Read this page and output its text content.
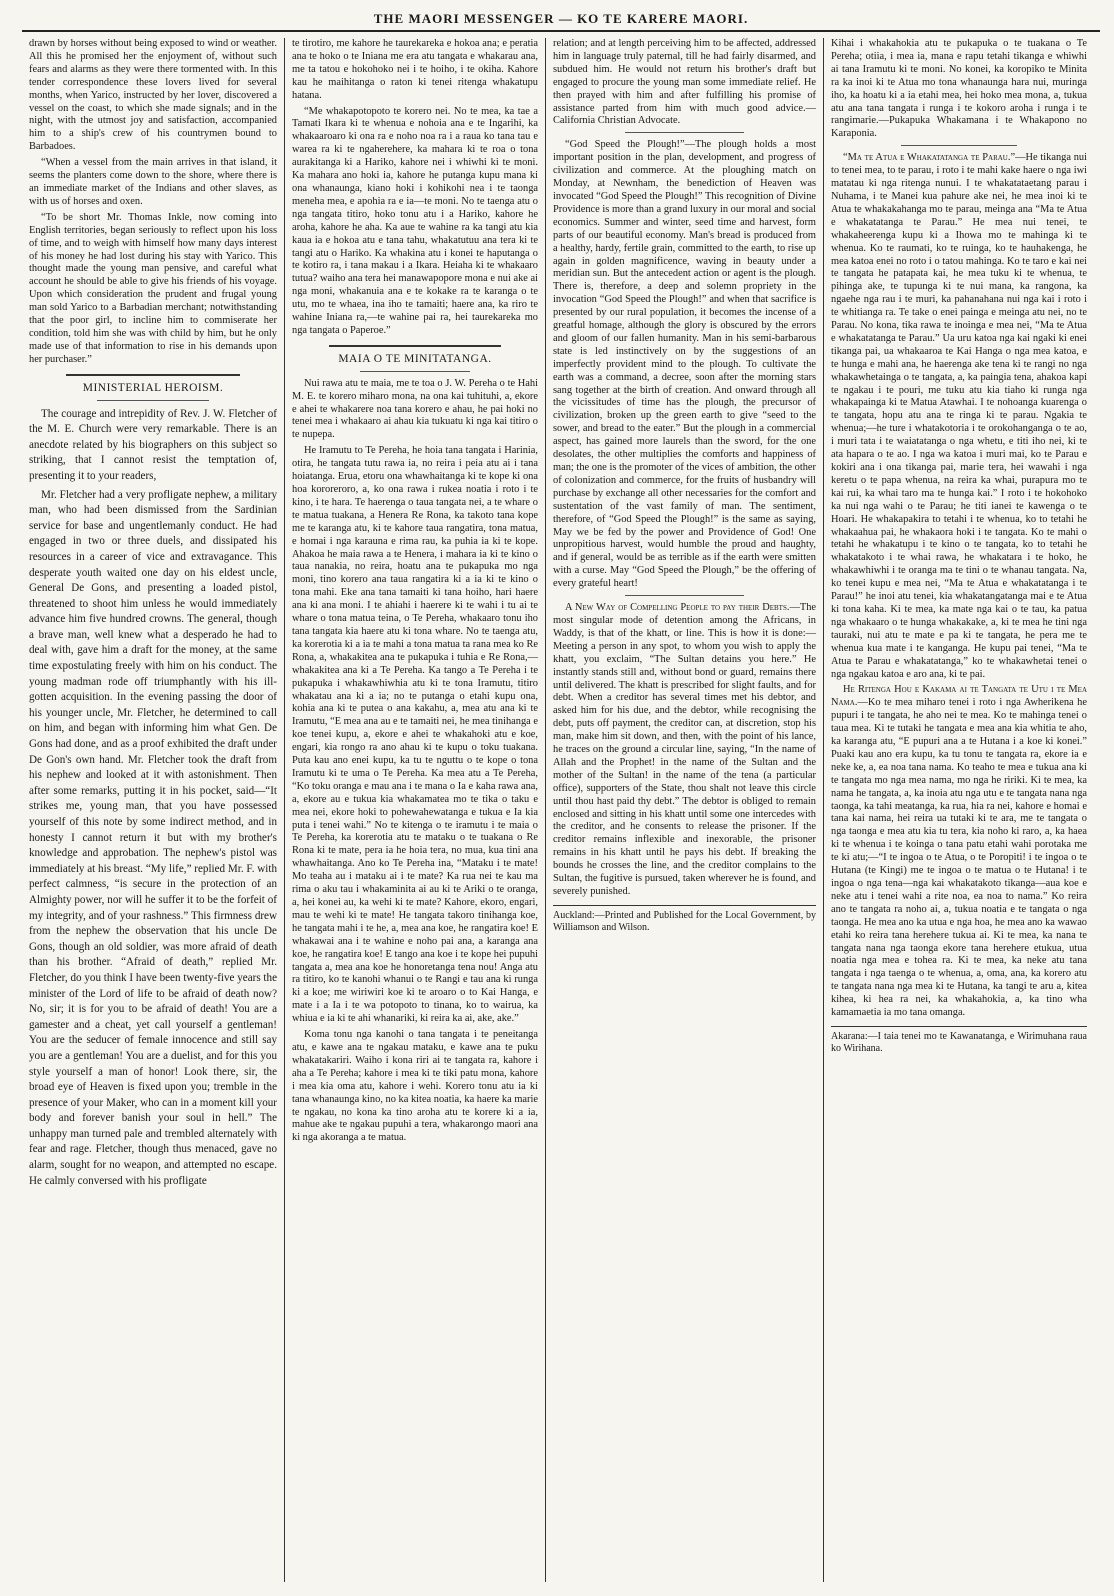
THE MAORI MESSENGER — KO TE KARERE MAORI.

drawn by horses without being exposed to wind or weather. All this he promised her the enjoyment of, without such fears and alarms as they were there tormented with. In this tender correspondence these lovers lived for several months, when Yarico, instructed by her lover, discovered a vessel on the coast, to which she made signals; and in the night, with the utmost joy and satisfaction, accompanied him to a ship's crew of his countrymen bound to Barbadoes.

“When a vessel from the main arrives in that island, it seems the planters come down to the shore, where there is an immediate market of the Indians and other slaves, as with us of horses and oxen.

“To be short Mr. Thomas Inkle, now coming into English territories, began seriously to reflect upon his loss of time, and to weigh with himself how many days interest of his money he had lost during his stay with Yarico. This thought made the young man pensive, and careful what account he should be able to give his friends of his voyage. Upon which consideration the prudent and frugal young man sold Yarico to a Barbadian merchant; notwithstanding that the poor girl, to incline him to commiserate her condition, told him she was with child by him, but he only made use of that information to rise in his demands upon her purchaser.”

MINISTERIAL HEROISM.

The courage and intrepidity of Rev. J. W. Fletcher of the M. E. Church were very remarkable. There is an anecdote related by his biographers on this subject so striking, that I cannot resist the temptation of, presenting it to your readers,

Mr. Fletcher had a very profligate nephew, a military man, who had been dismissed from the Sardinian service for base and ungentlemanly conduct. He had engaged in two or three duels, and dissipated his resources in a career of vice and extravagance. This desperate youth waited one day on his eldest uncle, General De Gons, and presenting a loaded pistol, threatened to shoot him unless he would immediately advance him five hundred crowns. The general, though a brave man, well knew what a desperado he had to deal with, gave him a draft for the money, at the same time expostulating freely with him on his conduct. The young madman rode off triumphantly with his ill-gotten acquisition. In the evening passing the door of his younger uncle, Mr. Fletcher, he determined to call on him, and began with informing him what Gen. De Gons had done, and as a proof exhibited the draft under De Gon's own hand. Mr. Fletcher took the draft from his nephew and looked at it with astonishment. Then after some remarks, putting it in his pocket, said—“It strikes me, young man, that you have possessed yourself of this note by some indirect method, and in honesty I cannot return it but with my brother's knowledge and approbation. The nephew's pistol was immediately at his breast. “My life,” replied Mr. F. with perfect calmness, “is secure in the protection of an Almighty power, nor will he suffer it to be the forfeit of my integrity, and of your rashness.” This firmness drew from the nephew the observation that his uncle De Gons, though an old soldier, was more afraid of death than his brother. “Afraid of death,” replied Mr. Fletcher, do you think I have been twenty-five years the minister of the Lord of life to be afraid of death now? No, sir; it is for you to be afraid of death! You are a gamester and a cheat, yet call yourself a gentleman! You are the seducer of female innocence and still say you are a gentleman! You are a duelist, and for this you style yourself a man of honor! Look there, sir, the broad eye of Heaven is fixed upon you; tremble in the presence of your Maker, who can in a moment kill your body and forever banish your soul in hell.” The unhappy man turned pale and trembled alternately with fear and rage. Fletcher, though thus menaced, gave no alarm, sought for no weapon, and attempted no escape. He calmly conversed with his profligate

te tirotiro, me kahore he taurekareka e hokoa ana; e peratia ana te hoko o te Iniana me era atu tangata e whakarau ana, me ta tatou e hokohoko nei i te hoiho, i te okiha. Kahore kau he maihitanga o raton ki tenei ritenga whakatupu hatana.

“Me whakapotopoto te korero nei. No te mea, ka tae a Tamati Ikara ki te whenua e nohoia ana e te Ingarihi, ka whakaaroaro ki ona ra e noho noa ra i a raua ko tana tau e warea ra ki te ngaherehere, ka mahara ki te roa o tona aurakitanga ki a Hariko, kahore nei i whiwhi ki te moni. Ka mahara ano hoki ia, kahore he putanga kupu mana ki ona whanaunga, kiano hoki i kohikohi nea i te taonga meneha mea, e apohia ra e ia—te moni. No te taenga atu o nga tangata titiro, hoko tonu atu i a Hariko, kahore he aroha, kahore he aha. Ka aue te wahine ra ka tangi atu kia kaua ia e hokoa atu e tana tahu, whakatutuu ana tera ki te tangi atu o Hariko. Ka whakina atu i konei te haputanga o te kotiro ra, i tana makau i a Ikara. Heiaha ki te whakaaro tutua? waiho ana tera hei manawapopore mona e nui ake ai nga moni, whakanuia ana e te kokake ra te karanga o te utu, mo te whaea, ina iho te tamaiti; haere ana, ka riro te wahine Iniana ra,—te wahine pai ra, hei taurekareka mo nga tangata o Paperoe.”

MAIA O TE MINITATANGA.

Nui rawa atu te maia, me te toa o J. W. Pereha o te Hahi M. E. te korero miharo mona, na ona kai tuhituhi, a, ekore e ahei te whakarere noa tana korero e ahau, he pai hoki no tenei mea i whakaaro ai ahau kia tukuatu ki nga kai titiro o te nupepa.

He Iramutu to Te Pereha, he hoia tana tangata i Harinia, otira, he tangata tutu rawa ia, no reira i peia atu ai i tana hoiatanga. Erua, etoru ona whawhaitanga ki te kope ki ona hoa kororeroro, a, ko ona rawa i rukea noatia i roto i te kino, i te hara. Te haerenga o taua tangata nei, a te whare o te matua tuakana, a Henera Re Rona, ka takoto tana kope me te karanga atu, ki te kahore taua rangatira, tona matua, e homai i nga karauna e rima rau, ka puhia ia ki te kope. Ahakoa he maia rawa a te Henera, i mahara ia ki te kino o taua nanakia, no reira, hoatu ana te pukapuka mo nga moni, tino korero ana taua rangatira ki a ia ki te kino o tona mahi. Eke ana tana tamaiti ki tana hoiho, hari haere ana ki ana moni. I te ahiahi i haerere ki te wahi i tu ai te whare o tona matua teina, o Te Pereha, whakaaro tonu iho tana tangata kia haere atu ki tona whare. No te taenga atu, ka korerotia ki a ia te mahi a tona matua ta rana mea ko Re Rona, a, whakakitea ana te pukapuka i tuhia e Re Rona,—whakakitea ana ki a Te Pereha. Ka tango a Te Pereha i te pukapuka i whakawhiwhia atu ki te tona Iramutu, titiro whakatau ana ki a ia; no te putanga o etahi kupu ona, kohia ana ki te putea o ana kakahu, a, mea atu ana ki te Iramutu, “E mea ana au e te tamaiti nei, he mea tinihanga e koe tenei kupu, a, ekore e ahei te whakahoki atu e koe, engari, kia rongo ra ano ahau ki te kupu o toku tuakana. Puta kau ano enei kupu, ka tu te nguttu o te kope o tona Iramutu ki te uma o Te Pereha. Ka mea atu a Te Pereha, “Ko toku oranga e mau ana i te mana o Ia e kaha rawa ana, a, ekore au e tukua kia whakamatea mo te tika o taku e mea nei, ekore hoki to pohewahewatanga e tukua e Ia kia puta i tenei wahi.” No te kitenga o te iramutu i te maia o Te Pereha, ka korerotia atu te mataku o te tuakana o Re Rona ki te mate, pera ia he hoia tera, no mua, kua tini ana whawhaitanga. Ano ko Te Pereha ina, “Mataku i te mate! Mo teaha au i mataku ai i te mate? Ka rua nei te kau ma rima o aku tau i whakaminita ai au ki te Ariki o te oranga, a, hei konei au, ka wehi ki te mate? Kahore, ekoro, engari, mau te wehi ki te mate! He tangata takoro tinihanga koe, he tangata mahi i te he, a, mea ana koe, he rangatira koe! E whakawai ana i te wahine e noho pai ana, a karanga ana koe, he rangatira koe! E tango ana koe i te kope hei pupuhi tangata a, mea ana koe he honoretanga tena nou! Anga atu ra titiro, ko te kanohi whanui o te Rangi e tau ana ki runga ki a koe; me wiriwiri koe ki te aroaro o to Kai Hanga, e mate i a Ia i te wa potopoto to tinana, ko to wairua, ka whiua e ia ki te ahi whanariki, ki reira ka ai, ake, ake.”

Koma tonu nga kanohi o tana tangata i te peneitanga atu, e kawe ana te ngakau mataku, e kawe ana te puku whakatakariri. Waiho i kona riri ai te tangata ra, kahore i aha a Te Pereha; kahore i mea ki te tiki patu mona, kahore i mea kia oma atu, kahore i wehi. Korero tonu atu ia ki tana whanaunga kino, no ka kitea noatia, ka haere ka marie te ngakau, no kona ka tino aroha atu te korere ki a ia, mahue ake te ngakau pupuhi a tera, whakarongo maori ana ki nga akoranga a te matua.

relation; and at length perceiving him to be affected, addressed him in language truly paternal, till he had fairly disarmed, and subdued him. He would not return his brother's draft but engaged to procure the young man some immediate relief. He then prayed with him and after fulfilling his promise of assistance parted from him with much good advice.—California Christian Advocate.

“God Speed the Plough!”—The plough holds a most important position in the plan, development, and progress of civilization and commerce. At the ploughing match on Monday, at Newnham, the benediction of Heaven was invocated “God Speed the Plough!” This recognition of Divine Providence is more than a grand luxury in our moral and social economics. Summer and winter, seed time and harvest, form parts of our beautiful economy. Man's bread is produced from a healthy, hardy, fertile grain, committed to the earth, to rise up again in golden magnificence, waving in beauty under a meridian sun. But the antecedent action or agent is the plough. There is, therefore, a deep and solemn propriety in the invocation “God Speed the Plough!” and when that sacrifice is presented by our rural population, it becomes the incense of a greatful homage, although the glory is obscured by the errors and gloom of our fallen humanity. Man in his semi-barbarous state is led instinctively on by the suggestions of an imperfectly provident mind to the plough. To cultivate the earth was a command, a decree, soon after the morning stars sang together at the birth of creation. And onward through all the vicissitudes of time has the plough, the precursor of civilization, broken up the green earth to give “seed to the sower, and bread to the eater.” But the plough in a commercial aspect, has gained more laurels than the sword, for the one desolates, the other multiplies the comforts and happiness of man; the one is the promoter of the vices of ambition, the other of colonization and commerce, for the fruits of husbandry will purchase by exchange all other necessaries for the comfort and sustentation of the vast family of man. The sentiment, therefore, of “God Speed the Plough!” is the same as saying, May we be fed by the power and Providence of God! One unpropitious harvest, would humble the proud and haughty, and if general, would be as terrible as if the earth were smitten with a curse. May “God Speed the Plough,” be the offering of every grateful heart!

A New Way of Compelling People to pay their Debts.—The most singular mode of detention among the Africans, in Waddy, is that of the khatt, or line. This is how it is done:—Meeting a person in any spot, to whom you wish to apply the khatt, you exclaim, “The Sultan detains you here.” He instantly stands still and, without bond or guard, remains there until delivered. The khatt is prescribed for slight faults, and for debt. When a creditor has several times met his debtor, and asked him for his due, and the debtor, while recognising the debt, puts off payment, the creditor can, at discretion, stop his man, make him sit down, and then, with the point of his lance, he traces on the ground a circular line, saying, “In the name of Allah and the Prophet! in the name of the Sultan and the mother of the Sultan! in the name of the tena (a particular office), supporters of the State, thou shalt not leave this circle until thou hast paid thy debt.” The debtor is obliged to remain enclosed and sitting in his khatt until some one intercedes with the creditor, and he consents to release the prisoner. If the creditor remains inflexible and inexorable, the prisoner remains in his khatt until he pays his debt. If breaking the bounds he crosses the line, and the creditor complains to the Sultan, the fugitive is pursued, taken wherever he is found, and severely punished.

Auckland:—Printed and Published for the Local Government, by Williamson and Wilson.

Kihai i whakahokia atu te pukapuka o te tuakana o Te Pereha; otiia, i mea ia, mana e rapu tetahi tikanga e whiwhi ai tana Iramutu ki te moni. No konei, ka koropiko te Minita ra ka inoi ki te Atua mo tona whanaunga hara nui, muringa iho, ka hoatu ki a ia etahi mea, hei hoko mea mona, a, tukua atu ana tana tangata i runga i te kokoro aroha i runga i te rangimarie.—Pukapuka Whakamana i te Whakapono no Karaponia.

“Ma te Atua e Whakatatanga te Parau.”—He tikanga nui to tenei mea, to te parau, i roto i te mahi kake haere o nga iwi matatau ki nga ritenga nunui. I te whakatataetang parau i Nuhama, i te Manei kua pahure ake nei, he mea inoi ki te Atua te whakakahanga mo te parau, meinga ana “Ma te Atua e whakatatanga te Parau.” He mea nui tenei, te whakaheerenga kupu ki a Ihowa mo te mahinga ki te whenua. Ko te raumati, ko te ruinga, ko te hauhakenga, he mea katoa enei no roto i o tatou mahinga. Ko te taro e kai nei te tangata he patapata kai, he mea tuku ki te whenua, te pihinga ake, te tupunga ki te nui mana, ka rangona, ka ngaehe nga rau i te muri, ka pahanahana nui nga kai i roto i te whitianga ra. Te take o enei painga e meinga atu nei, no te Parau. No kona, tika rawa te inoinga e mea nei, “Ma te Atua e whakatatanga te Parau.” Ua uru katoa nga kai ngaki ki enei tikanga pai, ua whakaaroa te Kai Hanga o nga mea katoa, e te hunga e mahi ana, he haerenga ake tena ki te rangi no nga whakawhetainga o te tangata, a, ka paingia tena, ahakoa kapi te ngakau i te pouri, me tuku atu kia tiaho ki runga nga whakapainga ki te Matua Atawhai. I te nohoanga kuarenga o te tangata, hopu atu ana te ringa ki te parau. Ngakia te whenua;—he ture i whatakotoria i te orokohanganga o te ao, i muri tata i te waiatatanga o nga whetu, e titi iho nei, ki te ata hapara o te ao. I nga wa katoa i muri mai, ko te Parau e kokiri ana i ona tikanga pai, marie tera, hei wawahi i nga keretu o te papa whenua, na reira ka whai, purapura mo te kai rui, ka whai taro ma te hunga kai.” I roto i te hokohoko ka nui nga wahi o te Parau; he titi ianei te kawenga o te Hoari. He whakapakira to tetahi i te whenua, ko to tetahi he whakaahua pai, he whakaora hoki i te tangata. Ko te mahi o tetahi he whakatupu i te kino o te tangata, ko to tetahi he whakatakoto i te whai rawa, he whakatara i te hoko, he whakawhiwhi i te oranga ma te tini o te whanau tangata. Na, ko tenei kupu e mea nei, “Ma te Atua e whakatatanga i te Parau!” he inoi atu tenei, kia whakatangatanga mai e te Atua ki tona kaha. Ki te mea, ka mate nga kai o te tau, ka patua nga whakaaro o te hunga whakakake, a, ki te mea he tini nga tauraki, nui atu te mate e pa ki te tangata, he pera me te whenua kua mate i te kanganga. He kupu pai tenei, “Ma te Atua te Parau e whakatatanga,” ko te whakawhetai tenei o nga ngakau katoa e aro ana, ki te pai.

He Ritenga Hou e Kakama ai te Tangata te Utu i te Mea Nama.—Ko te mea miharo tenei i roto i nga Awherikena he pupuri i te tangata, he aho nei te mea. Ko te mahinga tenei o taua mea. Ki te tutaki he tangata e mea ana kia whitia te aho, ka karanga atu, “E pupuri ana a te Hutana i a koe ki konei.” Puaki kau ano era kupu, ka tu tonu te tangata ra, ekore ia e neke ke, a, ea noa tana nama. Ko teaho te mea e tukua ana ki te tangata mo nga mea nama, mo nga he ririki. Ki te mea, ka nama he tangata, a, ka inoia atu nga utu e te tangata nana nga taonga, ka tahi meatanga, ka rua, hia ra nei, kahore e homai e tana kai nama, hei reira ua tutaki ki te ara, me te tangata o nga taonga e mea atu kia tu tera, kia noho ki raro, a, ka haea ki te whenua i te koinga o tana patu etahi wahi porotaka me te ki atu;—“I te ingoa o te Atua, o te Poropiti! i te ingoa o te Hutana (te Kingi) me te ingoa o te matua o te Hutana! i te ingoa o nga tena—nga kai whakatakoto tikanga—aua koe e neke atu i tenei wahi a rite noa, ea noa to nama.” Ko reira ano te tangata ra noho ai, a, tukua noatia e te tangata o nga taonga. He mea ano ka utua e nga hoa, he mea ano ka wawao etahi ko reira tana herehere tukua ai. Ki te mea, ka nana te tangata nana nga taonga ekore tana herehere etukua, utua noatia nga mea e tohea ra. Ki te mea, ka neke atu tana tangata i nga taenga o te whenua, a, oma, ana, ka korero atu te tangata nana nga mea ki te Hutana, ka tangi te aru a, kitea kihea, ki hea ra nei, ka whakahokia, a, ka tino wha kamamaetia ia mo tana omanga.

Akarana:—I taia tenei mo te Kawanatanga, e Wirimuhana raua ko Wirihana.
